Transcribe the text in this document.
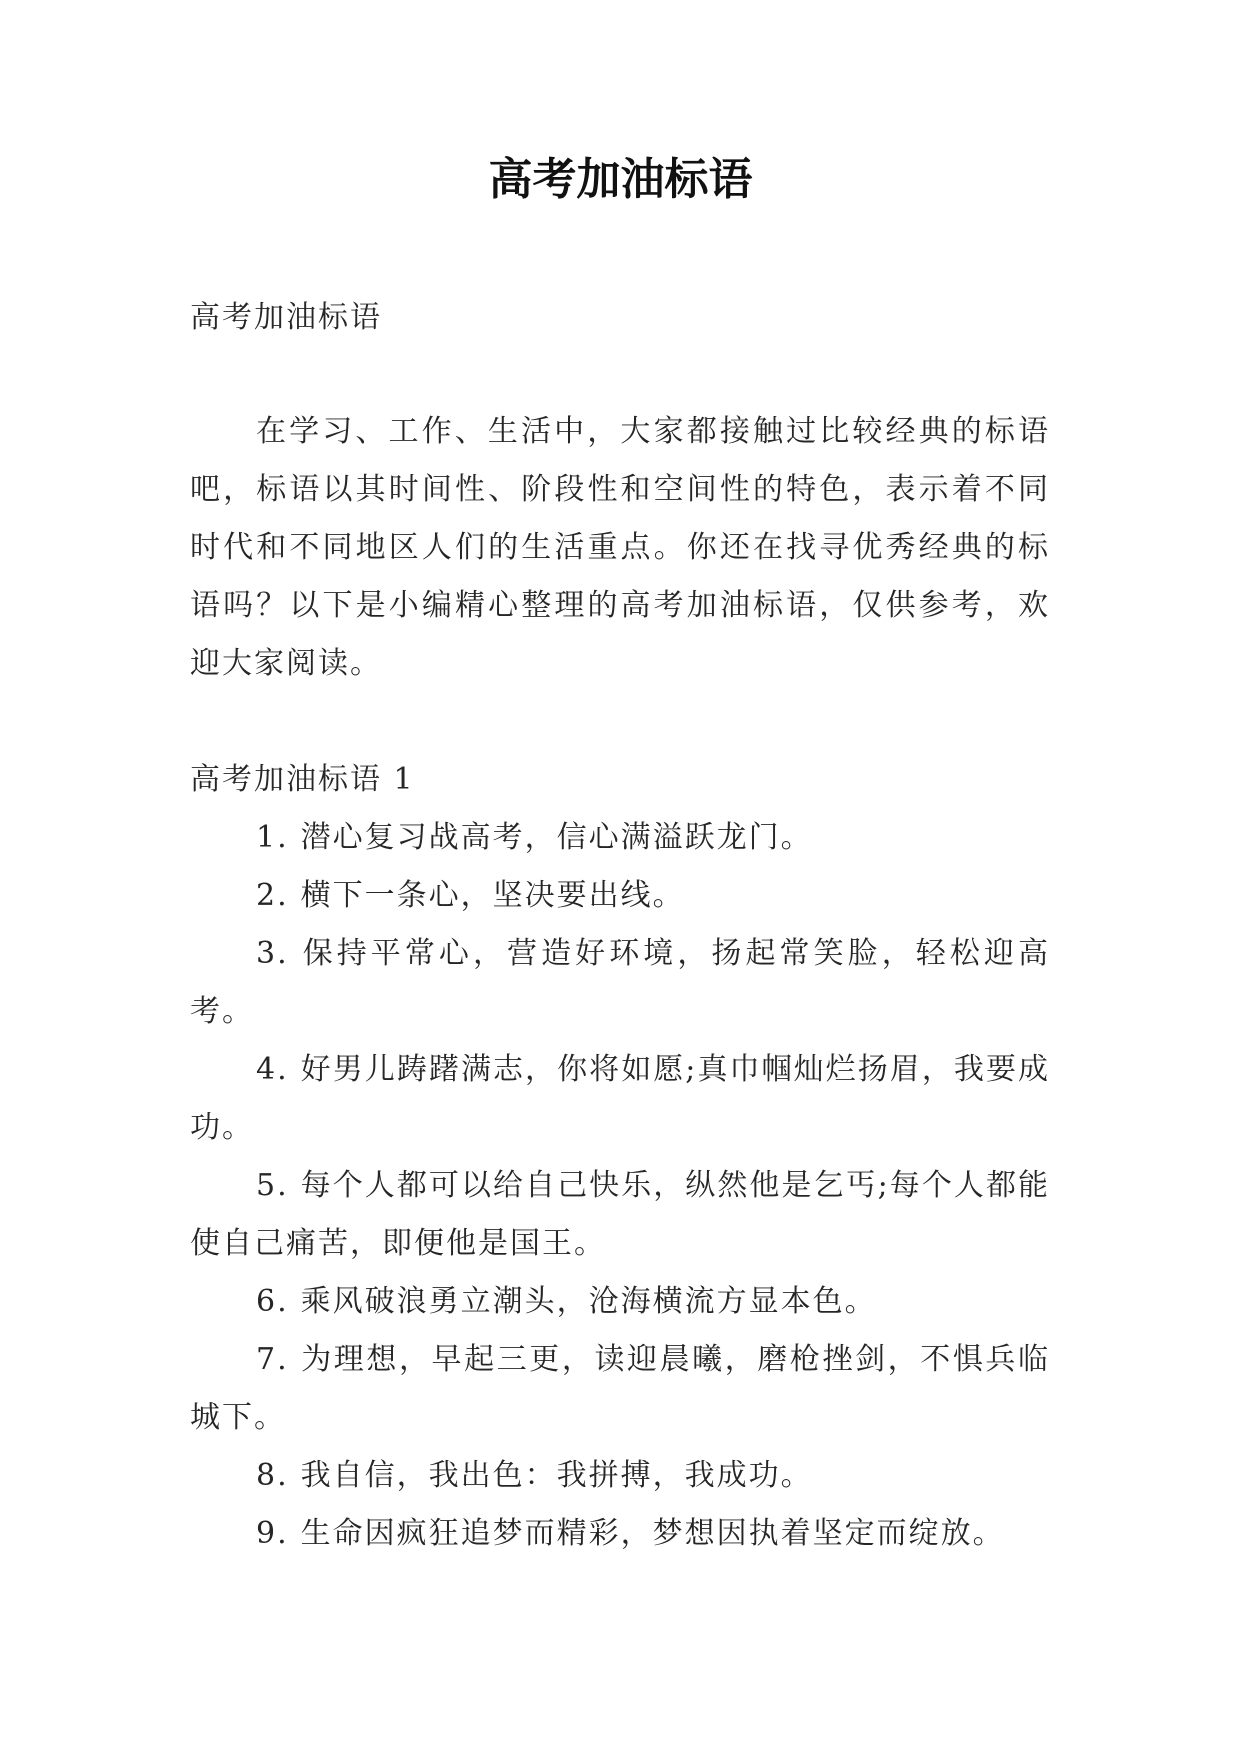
高考加油标语

高考加油标语

在学习、工作、生活中，大家都接触过比较经典的标语吧，标语以其时间性、阶段性和空间性的特色，表示着不同时代和不同地区人们的生活重点。你还在找寻优秀经典的标语吗？以下是小编精心整理的高考加油标语，仅供参考，欢迎大家阅读。

高考加油标语 1

1. 潜心复习战高考，信心满溢跃龙门。
2. 横下一条心，坚决要出线。
3. 保持平常心，营造好环境，扬起常笑脸，轻松迎高考。
4. 好男儿踌躇满志，你将如愿;真巾帼灿烂扬眉，我要成功。
5. 每个人都可以给自己快乐，纵然他是乞丐;每个人都能使自己痛苦，即便他是国王。
6. 乘风破浪勇立潮头，沧海横流方显本色。
7. 为理想，早起三更，读迎晨曦，磨枪挫剑，不惧兵临城下。
8. 我自信，我出色：我拼搏，我成功。
9. 生命因疯狂追梦而精彩，梦想因执着坚定而绽放。
